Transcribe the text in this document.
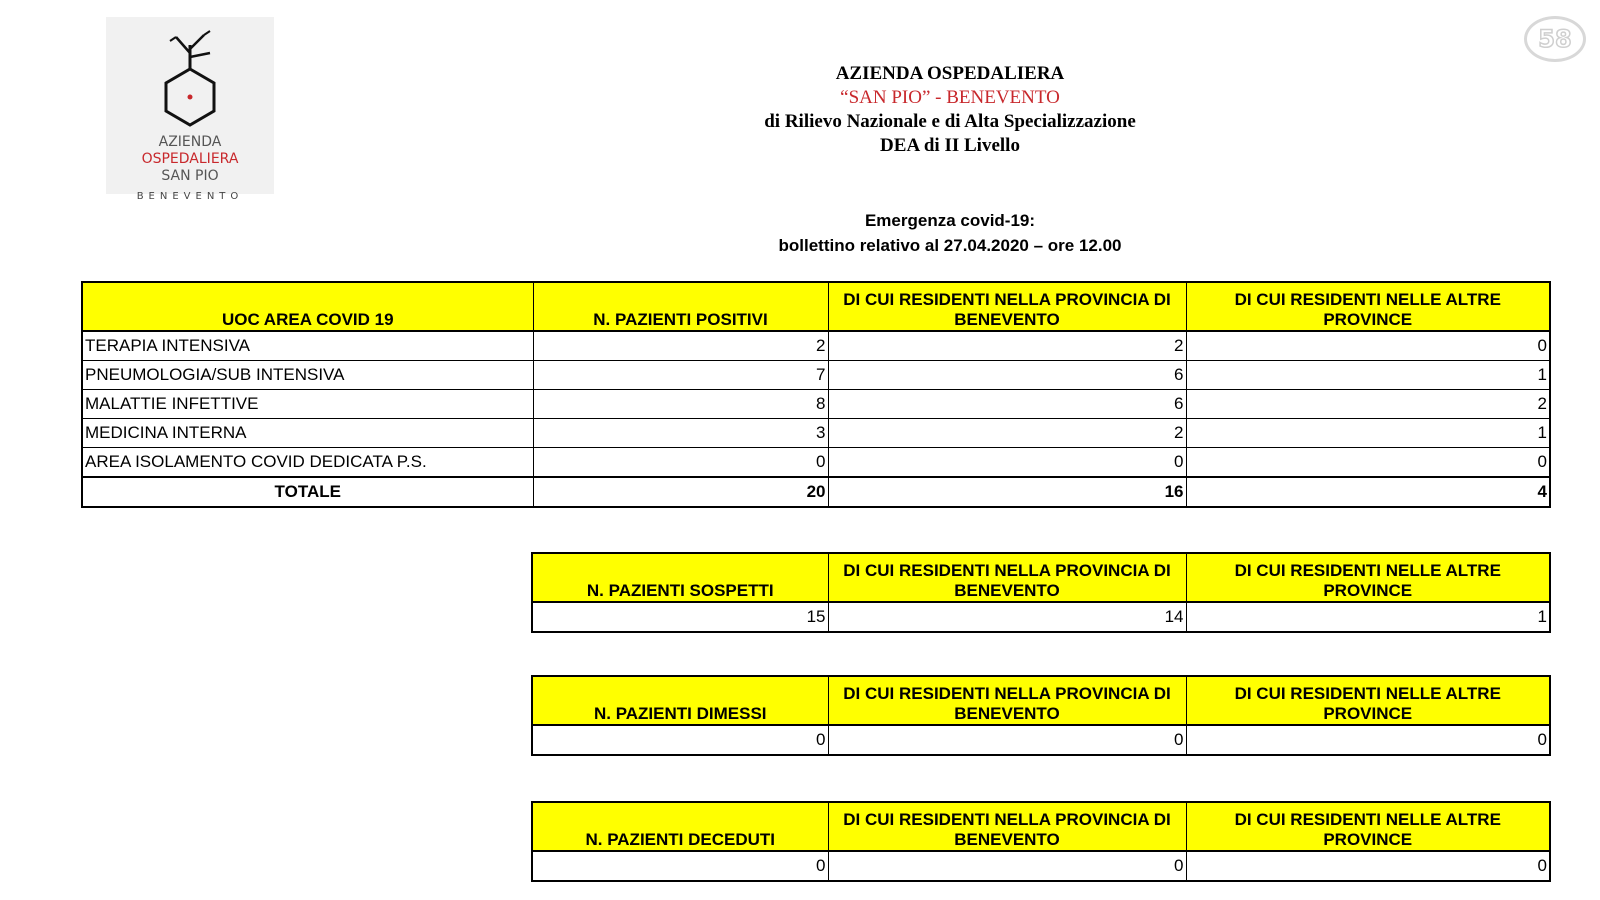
AZIENDA
OSPEDALIERA
SAN PIO
BENEVENTO
58
AZIENDA OSPEDALIERA
“SAN PIO” - BENEVENTO
di Rilievo Nazionale e di Alta Specializzazione
DEA di II Livello
Emergenza covid-19:
bollettino relativo al 27.04.2020 – ore 12.00
UOC AREA COVID 19	N. PAZIENTI POSITIVI	DI CUI RESIDENTI NELLA PROVINCIA DI BENEVENTO	DI CUI RESIDENTI NELLE ALTRE PROVINCE
TERAPIA INTENSIVA	2	2	0
PNEUMOLOGIA/SUB INTENSIVA	7	6	1
MALATTIE INFETTIVE	8	6	2
MEDICINA INTERNA	3	2	1
AREA ISOLAMENTO COVID DEDICATA P.S.	0	0	0
TOTALE	20	16	4
N. PAZIENTI SOSPETTI	DI CUI RESIDENTI NELLA PROVINCIA DI BENEVENTO	DI CUI RESIDENTI NELLE ALTRE PROVINCE
15	14	1
N. PAZIENTI DIMESSI	DI CUI RESIDENTI NELLA PROVINCIA DI BENEVENTO	DI CUI RESIDENTI NELLE ALTRE PROVINCE
0	0	0
N. PAZIENTI DECEDUTI	DI CUI RESIDENTI NELLA PROVINCIA DI BENEVENTO	DI CUI RESIDENTI NELLE ALTRE PROVINCE
0	0	0
